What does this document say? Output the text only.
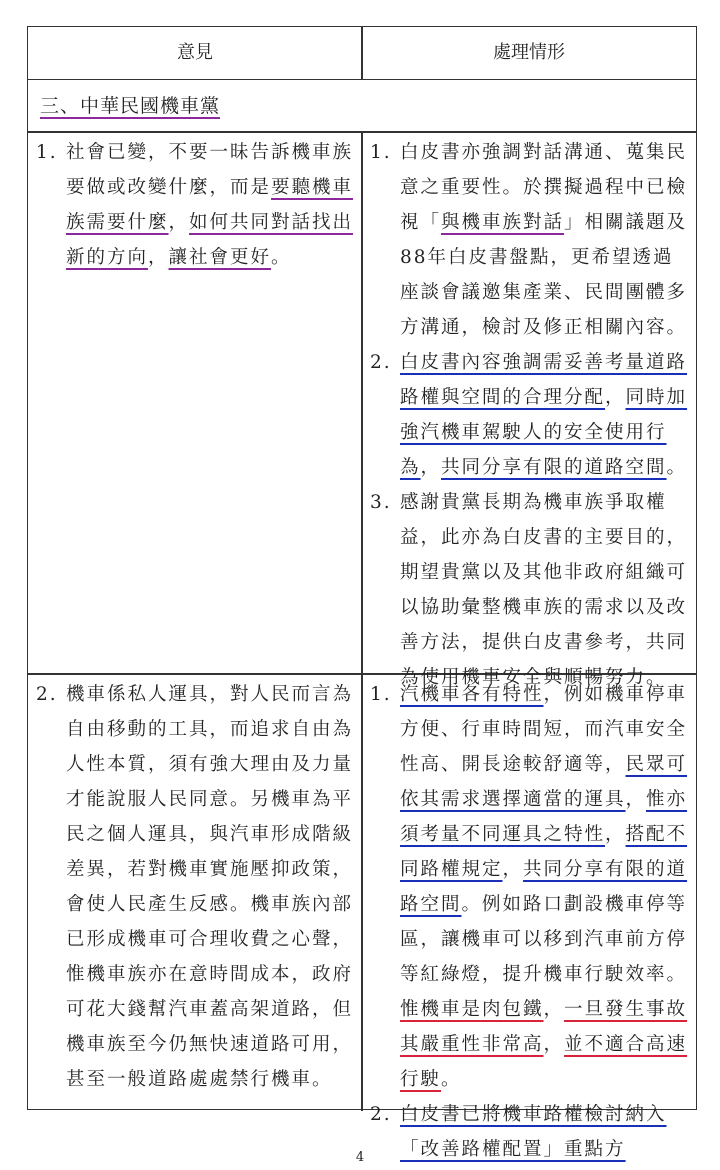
意見	處理情形
三、中華民國機車黨

1. 社會已變，不要一昧告訴機車族要做或改變什麼，而是要聽機車族需要什麼，如何共同對話找出新的方向，讓社會更好。

1. 白皮書亦強調對話溝通、蒐集民意之重要性。於撰擬過程中已檢視「與機車族對話」相關議題及88年白皮書盤點，更希望透過座談會議邀集產業、民間團體多方溝通，檢討及修正相關內容。

2. 白皮書內容強調需妥善考量道路路權與空間的合理分配，同時加強汽機車駕駛人的安全使用行為，共同分享有限的道路空間。

3. 感謝貴黨長期為機車族爭取權益，此亦為白皮書的主要目的，期望貴黨以及其他非政府組織可以協助彙整機車族的需求以及改善方法，提供白皮書參考，共同為使用機車安全與順暢努力。

2. 機車係私人運具，對人民而言為自由移動的工具，而追求自由為人性本質，須有強大理由及力量才能說服人民同意。另機車為平民之個人運具，與汽車形成階級差異，若對機車實施壓抑政策，會使人民產生反感。機車族內部已形成機車可合理收費之心聲，惟機車族亦在意時間成本，政府可花大錢幫汽車蓋高架道路，但機車族至今仍無快速道路可用，甚至一般道路處處禁行機車。

1. 汽機車各有特性，例如機車停車方便、行車時間短，而汽車安全性高、開長途較舒適等，民眾可依其需求選擇適當的運具，惟亦須考量不同運具之特性，搭配不同路權規定，共同分享有限的道路空間。例如路口劃設機車停等區，讓機車可以移到汽車前方停等紅綠燈，提升機車行駛效率。惟機車是肉包鐵，一旦發生事故其嚴重性非常高，並不適合高速行駛。

2. 白皮書已將機車路權檢討納入「改善路權配置」重點方

4
